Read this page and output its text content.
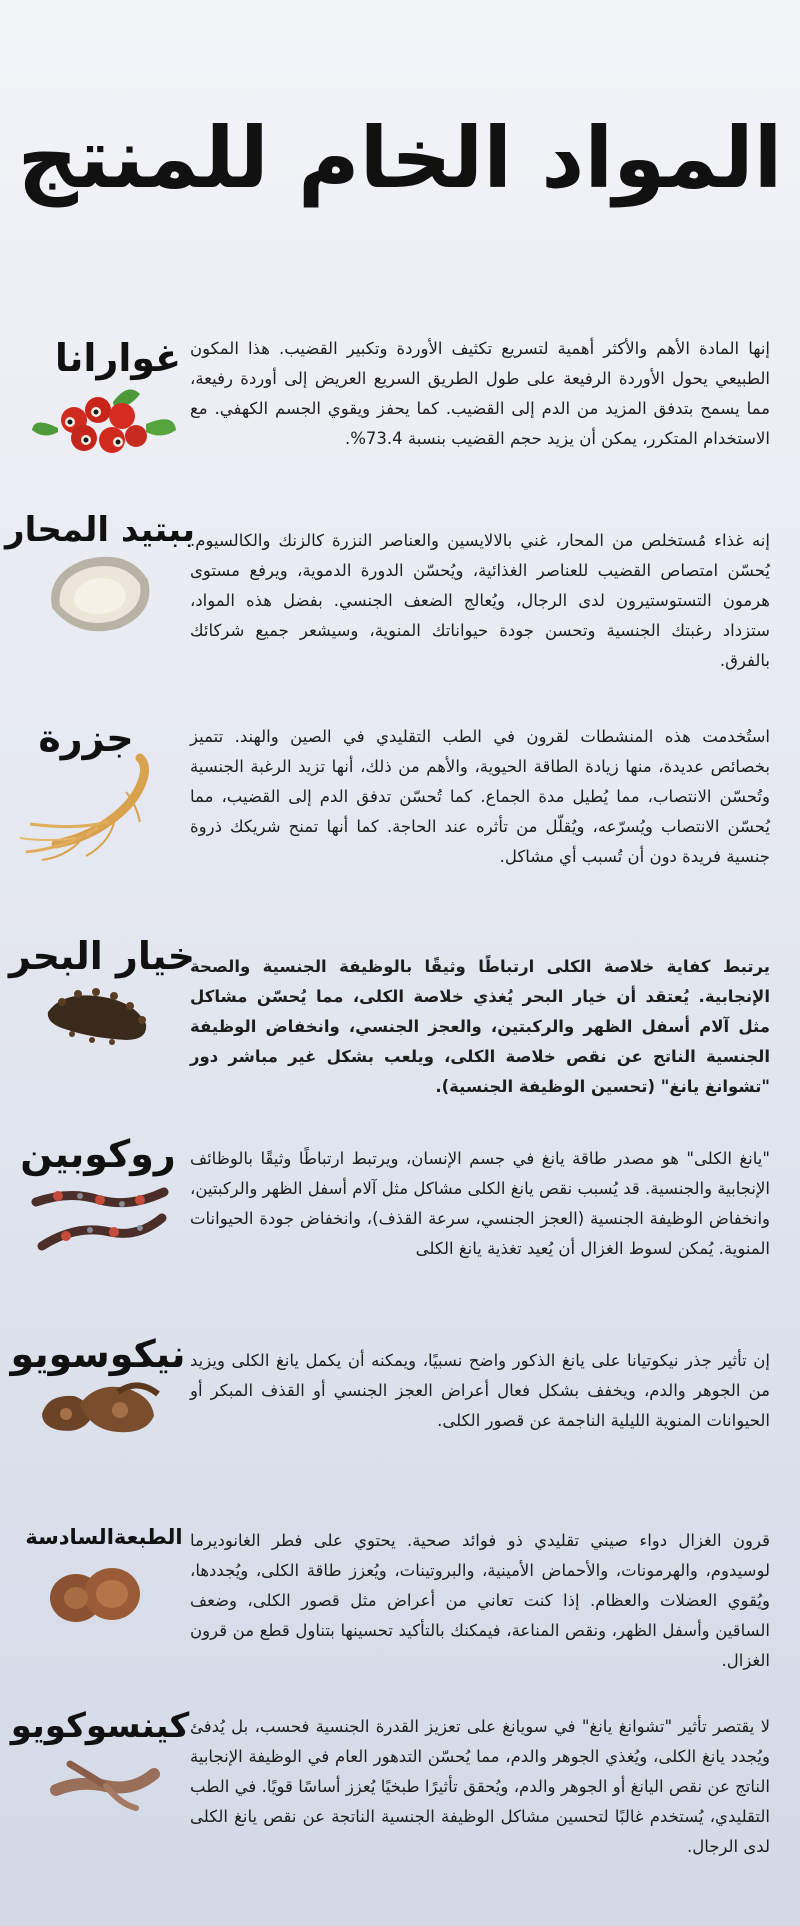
المواد الخام للمنتج
غوارانا إنها المادة الأهم والأكثر أهمية لتسريع تكثيف الأوردة وتكبير القضيب. هذا المكون الطبيعي يحول الأوردة الرفيعة على طول الطريق السريع العريض إلى أوردة رفيعة، مما يسمح بتدفق المزيد من الدم إلى القضيب. كما يحفز ويقوي الجسم الكهفي. مع الاستخدام المتكرر، يمكن أن يزيد حجم القضيب بنسبة 73.4%.
ببتيد المحار
إنه غذاء مُستخلص من المحار، غني بالالايسين والعناصر النزرة كالزنك والكالسيوم. يُحسّن امتصاص القضيب للعناصر الغذائية، ويُحسّن الدورة الدموية، ويرفع مستوى هرمون التستوستيرون لدى الرجال، ويُعالج الضعف الجنسي. بفضل هذه المواد، ستزداد رغبتك الجنسية وتحسن جودة حيواناتك المنوية، وسيشعر جميع شركائك بالفرق.
جزرة	استُخدمت هذه المنشطات لقرون في الطب التقليدي في الصين والهند. تتميز بخصائص عديدة، منها زيادة الطاقة الحيوية، والأهم من ذلك، أنها تزيد الرغبة الجنسية وتُحسّن الانتصاب، مما يُطيل مدة الجماع. كما تُحسّن تدفق الدم إلى القضيب، مما يُحسّن الانتصاب ويُسرّعه، ويُقلّل من تأثره عند الحاجة. كما أنها تمنح شريكك ذروة جنسية فريدة دون أن تُسبب أي مشاكل.
خيار البحر
يرتبط كفاية خلاصة الكلى ارتباطًا وثيقًا بالوظيفة الجنسية والصحة الإنجابية. يُعتقد أن خيار البحر يُغذي خلاصة الكلى، مما يُحسّن مشاكل مثل آلام أسفل الظهر والركبتين، والعجز الجنسي، وانخفاض الوظيفة الجنسية الناتج عن نقص خلاصة الكلى، ويلعب بشكل غير مباشر دور "تشوانغ يانغ" (تحسين الوظيفة الجنسية).
روكوبين "يانغ الكلى" هو مصدر طاقة يانغ في جسم الإنسان، ويرتبط ارتباطًا وثيقًا بالوظائف الإنجابية والجنسية. قد يُسبب نقص يانغ الكلى مشاكل مثل آلام أسفل الظهر والركبتين، وانخفاض الوظيفة الجنسية (العجز الجنسي، سرعة القذف)، وانخفاض جودة الحيوانات المنوية. يُمكن لسوط الغزال أن يُعيد تغذية يانغ الكلى
نيكوسويو إن تأثير جذر نيكوتيانا على يانغ الذكور واضح نسبيًا، ويمكنه أن يكمل يانغ الكلى ويزيد من الجوهر والدم، ويخفف بشكل فعال أعراض العجز الجنسي أو القذف المبكر أو الحيوانات المنوية الليلية الناجمة عن قصور الكلى.
الطبعةالسادسة قرون الغزال دواء صيني تقليدي ذو فوائد صحية. يحتوي على فطر الغانوديرما لوسيدوم، والهرمونات، والأحماض الأمينية، والبروتينات، ويُعزز طاقة الكلى، ويُجددها، ويُقوي العضلات والعظام. إذا كنت تعاني من أعراض مثل قصور الكلى، وضعف الساقين وأسفل الظهر، ونقص المناعة، فيمكنك بالتأكيد تحسينها بتناول قطع من قرون الغزال.
كينسوكويو لا يقتصر تأثير "تشوانغ يانغ" في سويانغ على تعزيز القدرة الجنسية فحسب، بل يُدفئ ويُجدد يانغ الكلى، ويُغذي الجوهر والدم، مما يُحسّن التدهور العام في الوظيفة الإنجابية الناتج عن نقص اليانغ أو الجوهر والدم، ويُحقق تأثيرًا طبخيًا يُعزز أساسًا قويًا. في الطب التقليدي، يُستخدم غالبًا لتحسين مشاكل الوظيفة الجنسية الناتجة عن نقص يانغ الكلى لدى الرجال.
